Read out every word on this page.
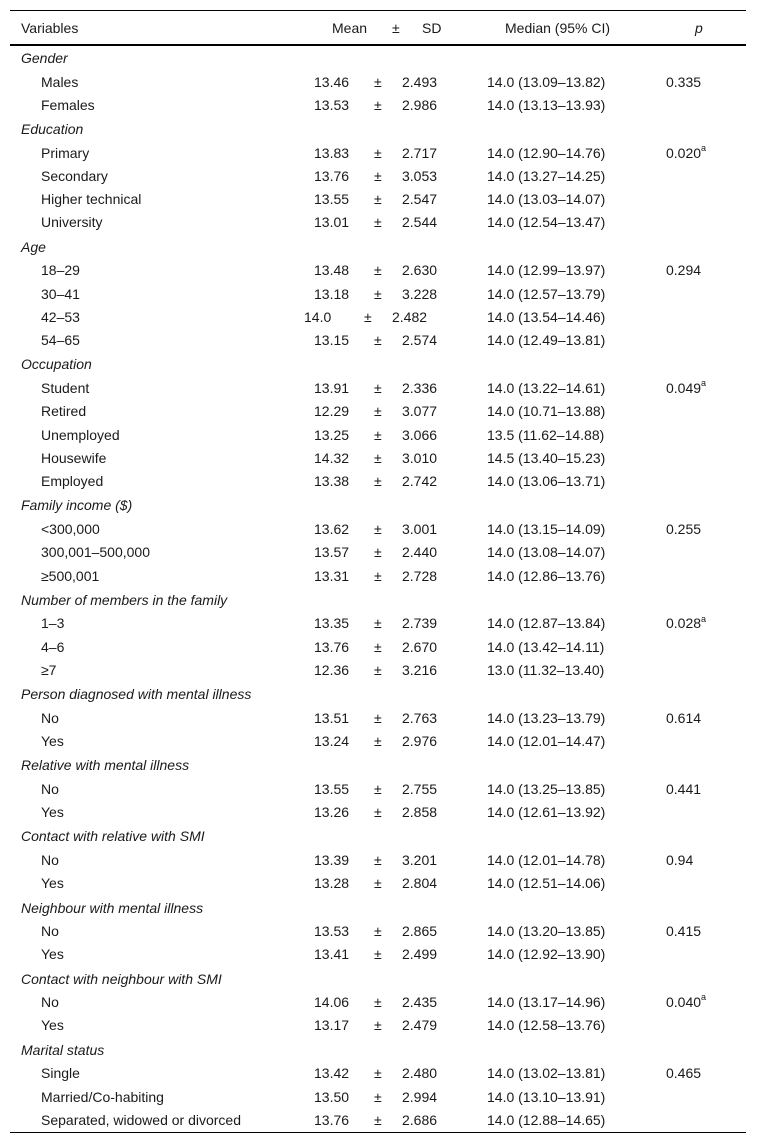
Variables	Mean ± SD	Median (95% CI)	p
Gender
Males	13.46 ± 2.493	14.0 (13.09–13.82)	0.335
Females	13.53 ± 2.986	14.0 (13.13–13.93)
Education
Primary	13.83 ± 2.717	14.0 (12.90–14.76)	0.020$^a$
Secondary	13.76 ± 3.053	14.0 (13.27–14.25)
Higher technical	13.55 ± 2.547	14.0 (13.03–14.07)
University	13.01 ± 2.544	14.0 (12.54–13.47)
Age
18–29	13.48 ± 2.630	14.0 (12.99–13.97)	0.294
30–41	13.18 ± 3.228	14.0 (12.57–13.79)
42–53	14.0 ± 2.482	14.0 (13.54–14.46)
54–65	13.15 ± 2.574	14.0 (12.49–13.81)
Occupation
Student	13.91 ± 2.336	14.0 (13.22–14.61)	0.049$^a$
Retired	12.29 ± 3.077	14.0 (10.71–13.88)
Unemployed	13.25 ± 3.066	13.5 (11.62–14.88)
Housewife	14.32 ± 3.010	14.5 (13.40–15.23)
Employed	13.38 ± 2.742	14.0 (13.06–13.71)
Family income ($)
<300,000	13.62 ± 3.001	14.0 (13.15–14.09)	0.255
300,001–500,000	13.57 ± 2.440	14.0 (13.08–14.07)
≥500,001	13.31 ± 2.728	14.0 (12.86–13.76)
Number of members in the family
1–3	13.35 ± 2.739	14.0 (12.87–13.84)	0.028$^a$
4–6	13.76 ± 2.670	14.0 (13.42–14.11)
≥7	12.36 ± 3.216	13.0 (11.32–13.40)
Person diagnosed with mental illness
No	13.51 ± 2.763	14.0 (13.23–13.79)	0.614
Yes	13.24 ± 2.976	14.0 (12.01–14.47)
Relative with mental illness
No	13.55 ± 2.755	14.0 (13.25–13.85)	0.441
Yes	13.26 ± 2.858	14.0 (12.61–13.92)
Contact with relative with SMI
No	13.39 ± 3.201	14.0 (12.01–14.78)	0.94
Yes	13.28 ± 2.804	14.0 (12.51–14.06)
Neighbour with mental illness
No	13.53 ± 2.865	14.0 (13.20–13.85)	0.415
Yes	13.41 ± 2.499	14.0 (12.92–13.90)
Contact with neighbour with SMI
No	14.06 ± 2.435	14.0 (13.17–14.96)	0.040$^a$
Yes	13.17 ± 2.479	14.0 (12.58–13.76)
Marital status
Single	13.42 ± 2.480	14.0 (13.02–13.81)	0.465
Married/Co-habiting	13.50 ± 2.994	14.0 (13.10–13.91)
Separated, widowed or divorced	13.76 ± 2.686	14.0 (12.88–14.65)
